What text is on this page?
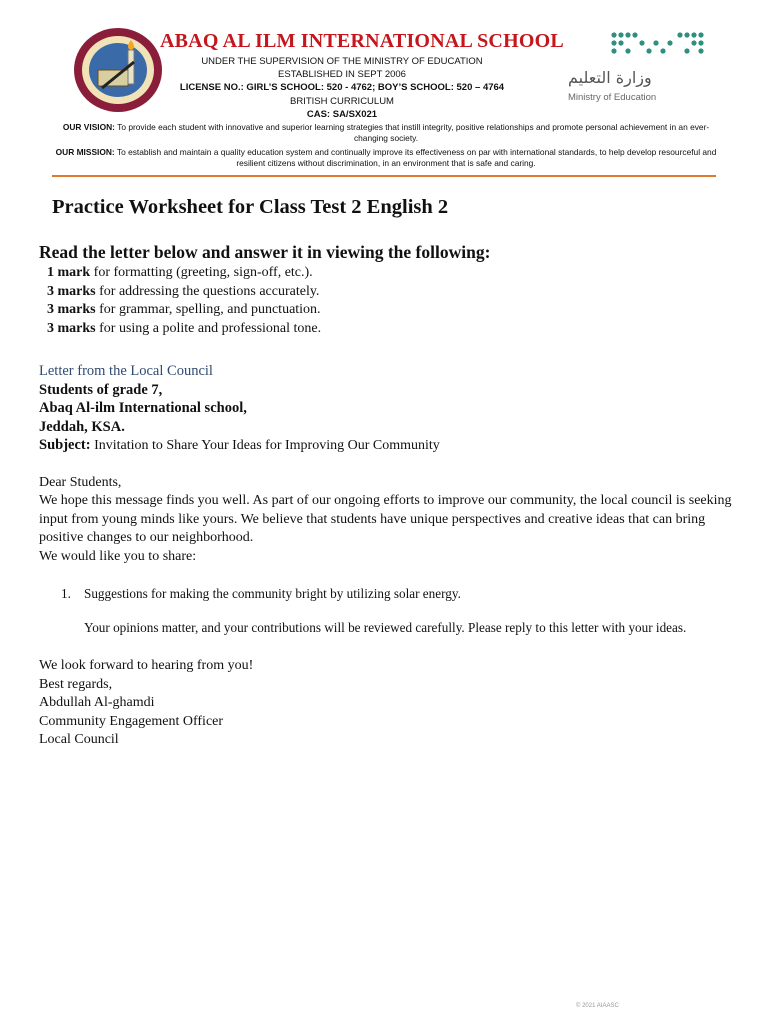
ABAQ AL ILM INTERNATIONAL SCHOOL
UNDER THE SUPERVISION OF THE MINISTRY OF EDUCATION
ESTABLISHED IN SEPT 2006
LICENSE NO.: GIRL’S SCHOOL: 520 - 4762; BOY’S SCHOOL: 520 – 4764
BRITISH CURRICULUM
CAS: SA/SX021
OUR VISION: To provide each student with innovative and superior learning strategies that instill integrity, positive relationships and promote personal achievement in an ever-changing society.
OUR MISSION: To establish and maintain a quality education system and continually improve its effectiveness on par with international standards, to help develop resourceful and resilient citizens without discrimination, in an environment that is safe and caring.
وزارة التعليم
Ministry of Education
Practice Worksheet for Class Test 2 English 2
Read the letter below and answer it in viewing the following:
1 mark for formatting (greeting, sign-off, etc.).
3 marks for addressing the questions accurately.
3 marks for grammar, spelling, and punctuation.
3 marks for using a polite and professional tone.
Letter from the Local Council
Students of grade 7,
Abaq Al-ilm International school,
Jeddah, KSA.
Subject: Invitation to Share Your Ideas for Improving Our Community
Dear Students,

We hope this message finds you well. As part of our ongoing efforts to improve our community, the local council is seeking input from young minds like yours. We believe that students have unique perspectives and creative ideas that can bring positive changes to our neighborhood.

We would like you to share:

1. Suggestions for making the community bright by utilizing solar energy.
Your opinions matter, and your contributions will be reviewed carefully. Please reply to this letter with your ideas.
We look forward to hearing from you!
Best regards,
Abdullah Al-ghamdi
Community Engagement Officer
Local Council
© 2021 AIAASC
